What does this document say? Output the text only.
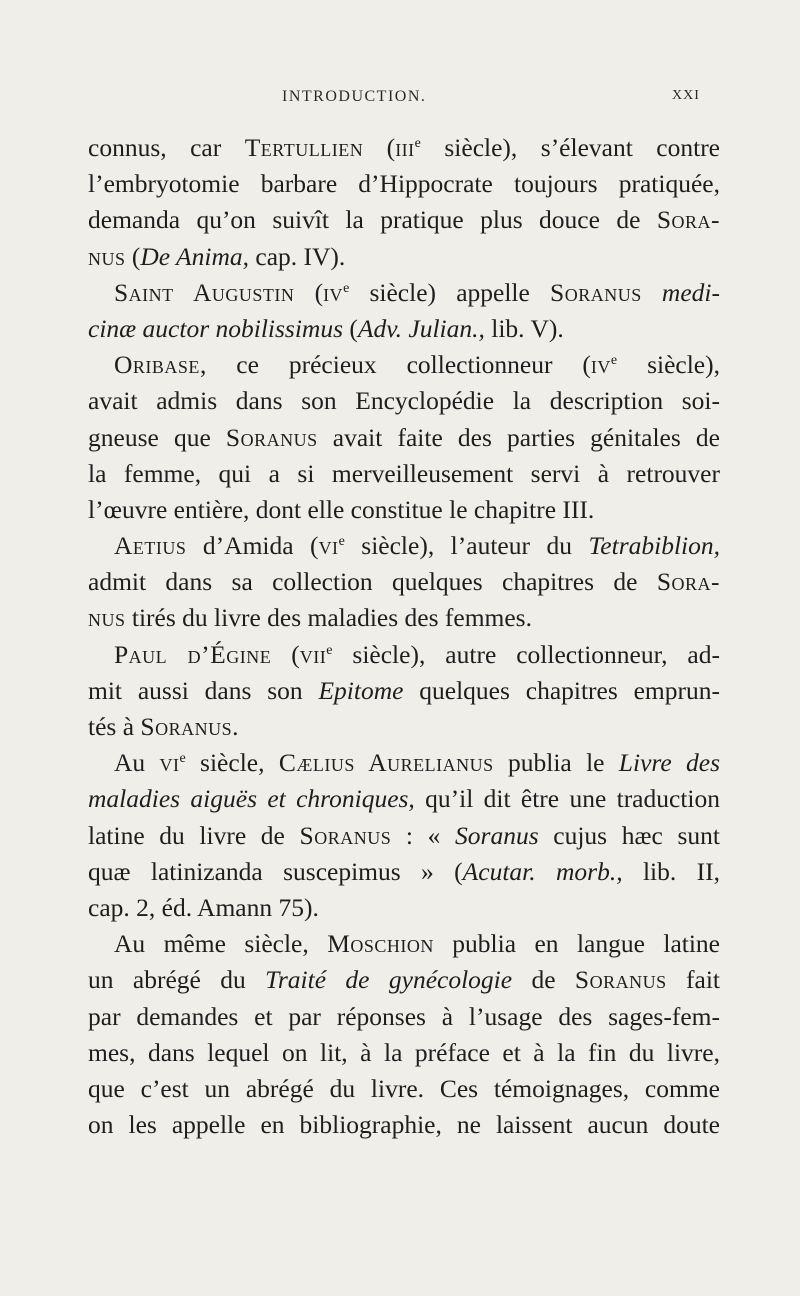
INTRODUCTION.	XXI
connus, car Tertullien (iii$^e$ siècle), s’élevant contre
l’embryotomie barbare d’Hippocrate toujours pratiquée,
demanda qu’on suivît la pratique plus douce de Sora-
nus (De Anima, cap. IV).
Saint Augustin ($iv^e$ siècle) appelle Soranus medi-
cinæ auctor nobilissimus (Adv. Julian., lib. V).
Oribase, ce précieux collectionneur ($iv^e$ siècle),
avait admis dans son Encyclopédie la description soi-
gneuse que Soranus avait faite des parties génitales de
la femme, qui a si merveilleusement servi à retrouver
l’œuvre entière, dont elle constitue le chapitre III.
Aetius d’Amida ($vi^e$ siècle), l’auteur du Tetrabiblion,
admit dans sa collection quelques chapitres de Sora-
nus tirés du livre des maladies des femmes.
Paul d’Égine (vii$^e$ siècle), autre collectionneur, ad-
mit aussi dans son Epitome quelques chapitres emprun-
tés à Soranus.
Au $vi^e$ siècle, Cælius Aurelianus publia le Livre des
maladies aiguës et chroniques, qu’il dit être une traduction
latine du livre de Soranus : « Soranus cujus hæc sunt
quæ latinizanda suscepimus » (Acutar. morb., lib. II,
cap. 2, éd. Amann 75).
Au même siècle, Moschion publia en langue latine
un abrégé du Traité de gynécologie de Soranus fait
par demandes et par réponses à l’usage des sages-fem-
mes, dans lequel on lit, à la préface et à la fin du livre,
que c’est un abrégé du livre. Ces témoignages, comme
on les appelle en bibliographie, ne laissent aucun doute
